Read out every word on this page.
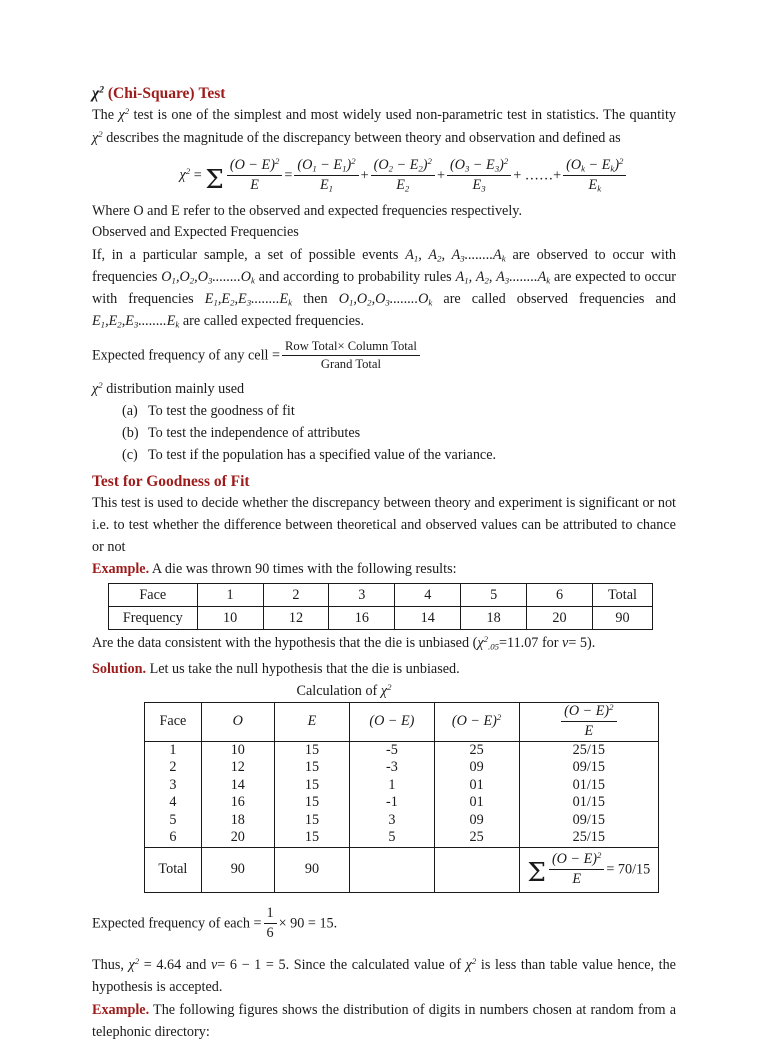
$\chi^2$ (Chi-Square) Test

The $\chi^2$ test is one of the simplest and most widely used non-parametric test in statistics. The quantity $\chi^2$ describes the magnitude of the discrepancy between theory and observation and defined as

$\chi^2 = \Sigma \frac{(O - E)^2}{E} = \frac{(O_1 - E_1)^2}{E_1} + \frac{(O_2 - E_2)^2}{E_2} + \frac{(O_3 - E_3)^2}{E_3}$ + ……+ $\frac{(O_k - E_k)^2}{E_k}$

Where O and E refer to the observed and expected frequencies respectively.

Observed and Expected Frequencies

If, in a particular sample, a set of possible events $A_1$, $A_2$, $A_3........A_k$ are observed to occur with frequencies $O_1,O_2,O_3........O_k$ and according to probability rules $A_1$, $A_2$, $A_3........A_k$ are expected to occur with frequencies $E_1,E_2,E_3........E_k$ then $O_1,O_2,O_3........O_k$ are called observed frequencies and $E_1,E_2,E_3........E_k$ are called expected frequencies.

Expected frequency of any cell = $\frac{\text{Row Total× Column Total}}{\text{Grand Total}}$
$\chi^2$ distribution mainly used
(a) To test the goodness of fit
(b) To test the independence of attributes
(c) To test if the population has a specified value of the variance.
Test for Goodness of Fit

This test is used to decide whether the discrepancy between theory and experiment is significant or not i.e. to test whether the difference between theoretical and observed values can be attributed to chance or not

Example. A die was thrown 90 times with the following results:

Face	1	2	3	4	5	6	Total
Frequency	10	12	16	14	18	20	90

Are the data consistent with the hypothesis that the die is unbiased ($\chi^2_{.05}=11.07$ for ν= 5).

Solution. Let us take the null hypothesis that the die is unbiased.

Calculation of $\chi^2$
Face	O	E	(O − E)	$(O - E)^2$	$\frac{(O - E)^2}{E}$

1	10	15	-5	25	25/15
2	12	15	-3	09	09/15
3	14	15	1	01	01/15
4	16	15	-1	01	01/15
5	18	15	3	09	09/15
6	20	15	5	25	25/15
Total	90	90			Σ $\frac{(O - E)^2}{E} = 70/15$
Expected frequency of each = $\frac{1}{6} \times 90 = 15$.

Thus, $\chi^2 = 4.64$ and ν= 6 − 1 = 5. Since the calculated value of $\chi^2$ is less than table value hence, the hypothesis is accepted.

Example. The following figures shows the distribution of digits in numbers chosen at random from a telephonic directory:
